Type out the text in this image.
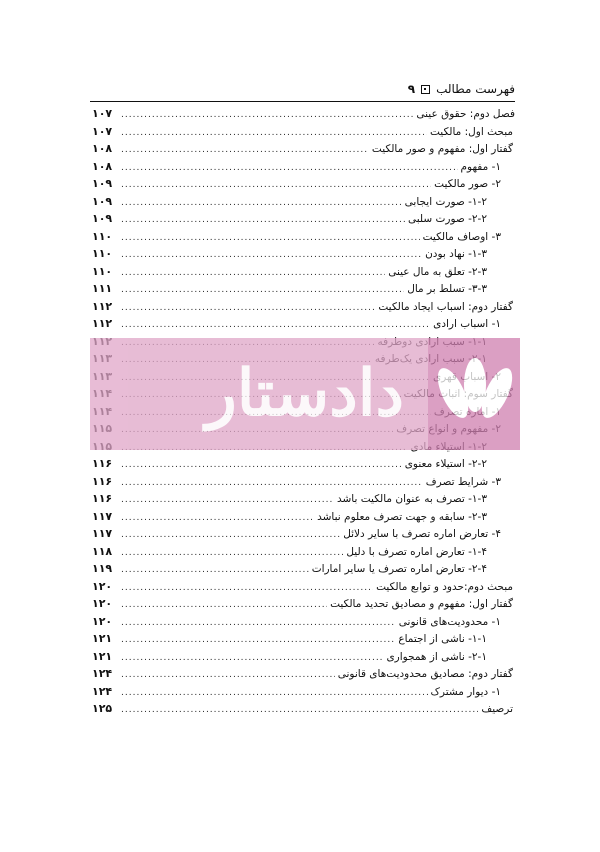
فهرست مطالب
۹
فصل دوم: حقوق عینی
.....
۱۰۷
مبحث اول: مالکیت
.....
۱۰۷
گفتار اول: مفهوم و صور مالکیت
.....
۱۰۸
۱- مفهوم
.....
۱۰۸
۲- صور مالکیت
.....
۱۰۹
۱-۲- صورت ایجابی
.....
۱۰۹
۲-۲- صورت سلبی
.....
۱۰۹
۳- اوصاف مالکیت
.....
۱۱۰
۱-۳- نهاد بودن
.....
۱۱۰
۲-۳- تعلق به مال عینی
.....
۱۱۰
۳-۳- تسلط بر مال
.....
۱۱۱
گفتار دوم: اسباب ایجاد مالکیت
.....
۱۱۲
۱- اسباب ارادی
.....
۱۱۲
.....
.....
.....
.....
.....
.....
.....
۲-۲- استیلاء معنوی
.....
۱۱۶
۳- شرایط تصرف
.....
۱۱۶
۱-۳- تصرف به عنوان مالکیت باشد
.....
۱۱۶
۲-۳- سابقه و جهت تصرف معلوم نباشد
.....
۱۱۷
۴- تعارض اماره تصرف با سایر دلائل
.....
۱۱۷
۱-۴- تعارض اماره تصرف با دلیل
.....
۱۱۸
۲-۴- تعارض اماره تصرف یا سایر امارات
.....
۱۱۹
مبحث دوم:حدود و توابع مالکیت
.....
۱۲۰
گفتار اول: مفهوم و مصادیق تحدید مالکیت
.....
۱۲۰
۱- محدودیت‌های قانونی
.....
۱۲۰
۱-۱- ناشی از اجتماع
.....
۱۲۱
۲-۱- ناشی از همجواری
.....
۱۲۱
گفتار دوم: مصادیق محدودیت‌های قانونی
.....
۱۲۴
۱- دیوار مشترک
.....
۱۲۴
ترصیف
.....
۱۲۵
دادستار
